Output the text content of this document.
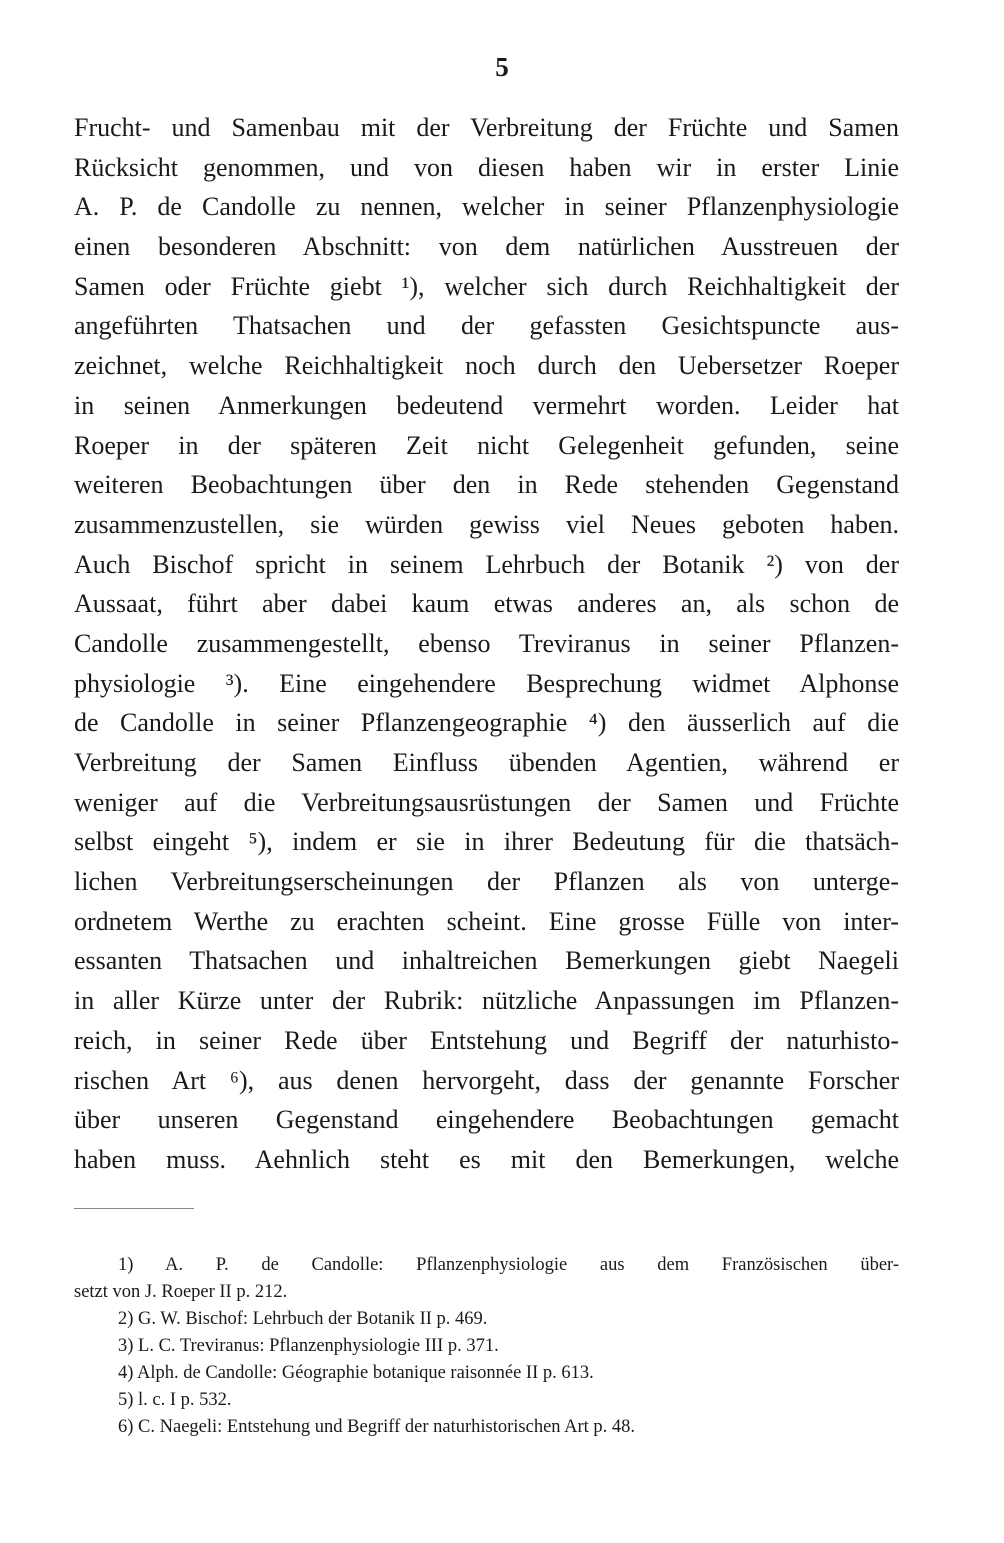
5
Frucht- und Samenbau mit der Verbreitung der Früchte und Samen
Rücksicht genommen, und von diesen haben wir in erster Linie
A. P. de Candolle zu nennen, welcher in seiner Pflanzenphysiologie
einen besonderen Abschnitt: von dem natürlichen Ausstreuen der
Samen oder Früchte giebt ¹), welcher sich durch Reichhaltigkeit der
angeführten Thatsachen und der gefassten Gesichtspuncte aus-
zeichnet, welche Reichhaltigkeit noch durch den Uebersetzer Roeper
in seinen Anmerkungen bedeutend vermehrt worden. Leider hat
Roeper in der späteren Zeit nicht Gelegenheit gefunden, seine
weiteren Beobachtungen über den in Rede stehenden Gegenstand
zusammenzustellen, sie würden gewiss viel Neues geboten haben.
Auch Bischof spricht in seinem Lehrbuch der Botanik ²) von der
Aussaat, führt aber dabei kaum etwas anderes an, als schon de
Candolle zusammengestellt, ebenso Treviranus in seiner Pflanzen-
physiologie ³). Eine eingehendere Besprechung widmet Alphonse
de Candolle in seiner Pflanzengeographie ⁴) den äusserlich auf die
Verbreitung der Samen Einfluss übenden Agentien, während er
weniger auf die Verbreitungsausrüstungen der Samen und Früchte
selbst eingeht ⁵), indem er sie in ihrer Bedeutung für die thatsäch-
lichen Verbreitungserscheinungen der Pflanzen als von unterge-
ordnetem Werthe zu erachten scheint. Eine grosse Fülle von inter-
essanten Thatsachen und inhaltreichen Bemerkungen giebt Naegeli
in aller Kürze unter der Rubrik: nützliche Anpassungen im Pflanzen-
reich, in seiner Rede über Entstehung und Begriff der naturhisto-
rischen Art ⁶), aus denen hervorgeht, dass der genannte Forscher
über unseren Gegenstand eingehendere Beobachtungen gemacht
haben muss. Aehnlich steht es mit den Bemerkungen, welche
1) A. P. de Candolle: Pflanzenphysiologie aus dem Französischen über-
setzt von J. Roeper II p. 212.
2) G. W. Bischof: Lehrbuch der Botanik II p. 469.
3) L. C. Treviranus: Pflanzenphysiologie III p. 371.
4) Alph. de Candolle: Géographie botanique raisonnée II p. 613.
5) l. c. I p. 532.
6) C. Naegeli: Entstehung und Begriff der naturhistorischen Art p. 48.
